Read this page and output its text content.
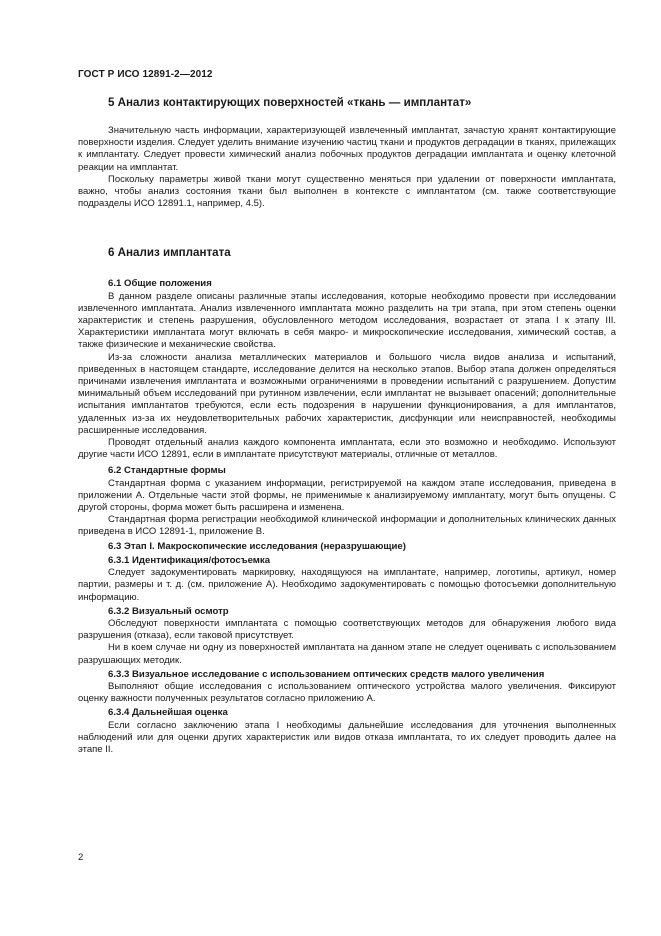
ГОСТ Р ИСО 12891-2—2012
5 Анализ контактирующих поверхностей «ткань — имплантат»

Значительную часть информации, характеризующей извлеченный имплантат, зачастую хранят контактирующие поверхности изделия. Следует уделить внимание изучению частиц ткани и продуктов деградации в тканях, прилежащих к имплантату. Следует провести химический анализ побочных продуктов деградации имплантата и оценку клеточной реакции на имплантат.

Поскольку параметры живой ткани могут существенно меняться при удалении от поверхности имплантата, важно, чтобы анализ состояния ткани был выполнен в контексте с имплантатом (см. также соответствующие подразделы ИСО 12891.1, например, 4.5).

6 Анализ имплантата
6.1 Общие положения

В данном разделе описаны различные этапы исследования, которые необходимо провести при исследовании извлеченного имплантата. Анализ извлеченного имплантата можно разделить на три этапа, при этом степень оценки характеристик и степень разрушения, обусловленного методом исследования, возрастает от этапа I к этапу III. Характеристики имплантата могут включать в себя макро- и микроскопические исследования, химический состав, а также физические и механические свойства.

Из-за сложности анализа металлических материалов и большого числа видов анализа и испытаний, приведенных в настоящем стандарте, исследование делится на несколько этапов. Выбор этапа должен определяться причинами извлечения имплантата и возможными ограничениями в проведении испытаний с разрушением. Допустим минимальный объем исследований при рутинном извлечении, если имплантат не вызывает опасений; дополнительные испытания имплантатов требуются, если есть подозрения в нарушении функционирования, а для имплантатов, удаленных из-за их неудовлетворительных рабочих характеристик, дисфункции или неисправностей, необходимы расширенные исследования.

Проводят отдельный анализ каждого компонента имплантата, если это возможно и необходимо. Используют другие части ИСО 12891, если в имплантате присутствуют материалы, отличные от металлов.

6.2 Стандартные формы

Стандартная форма с указанием информации, регистрируемой на каждом этапе исследования, приведена в приложении А. Отдельные части этой формы, не применимые к анализируемому имплантату, могут быть опущены. С другой стороны, форма может быть расширена и изменена.

Стандартная форма регистрации необходимой клинической информации и дополнительных клинических данных приведена в ИСО 12891-1, приложение В.

6.3 Этап I. Макроскопические исследования (неразрушающие)
6.3.1 Идентификация/фотосъемка

Следует задокументировать маркировку, находящуюся на имплантате, например, логотипы, артикул, номер партии, размеры и т. д. (см. приложение А). Необходимо задокументировать с помощью фотосъемки дополнительную информацию.

6.3.2 Визуальный осмотр

Обследуют поверхности имплантата с помощью соответствующих методов для обнаружения любого вида разрушения (отказа), если таковой присутствует.

Ни в коем случае ни одну из поверхностей имплантата на данном этапе не следует оценивать с использованием разрушающих методик.

6.3.3 Визуальное исследование с использованием оптических средств малого увеличения

Выполняют общие исследования с использованием оптического устройства малого увеличения. Фиксируют оценку важности полученных результатов согласно приложению А.

6.3.4 Дальнейшая оценка

Если согласно заключению этапа I необходимы дальнейшие исследования для уточнения выполненных наблюдений или для оценки других характеристик или видов отказа имплантата, то их следует проводить далее на этапе II.

2
